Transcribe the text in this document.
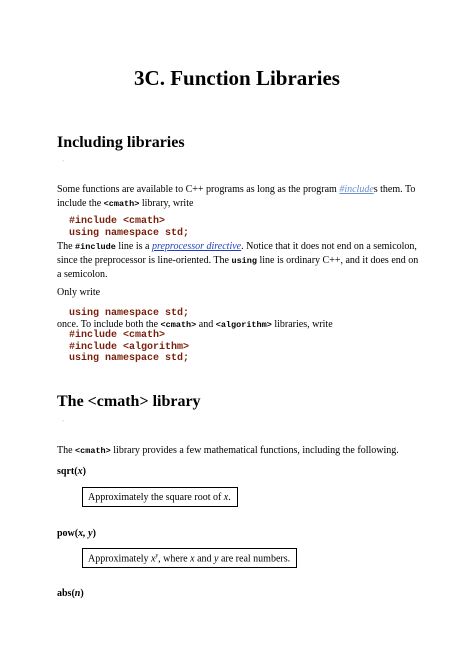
3C. Function Libraries
Including libraries
’
Some functions are available to C++ programs as long as the program #includes them. To include the <cmath> library, write
#include <cmath>
using namespace std;
The #include line is a preprocessor directive. Notice that it does not end on a semicolon, since the preprocessor is line-oriented. The using line is ordinary C++, and it does end on a semicolon.
Only write
using namespace std;
once. To include both the <cmath> and <algorithm> libraries, write
#include <cmath>
#include <algorithm>
using namespace std;
The <cmath> library
’
The <cmath> library provides a few mathematical functions, including the following.
sqrt(x)
Approximately the square root of x.
pow(x, y)
Approximately $x^y$, where x and y are real numbers.
abs(n)
